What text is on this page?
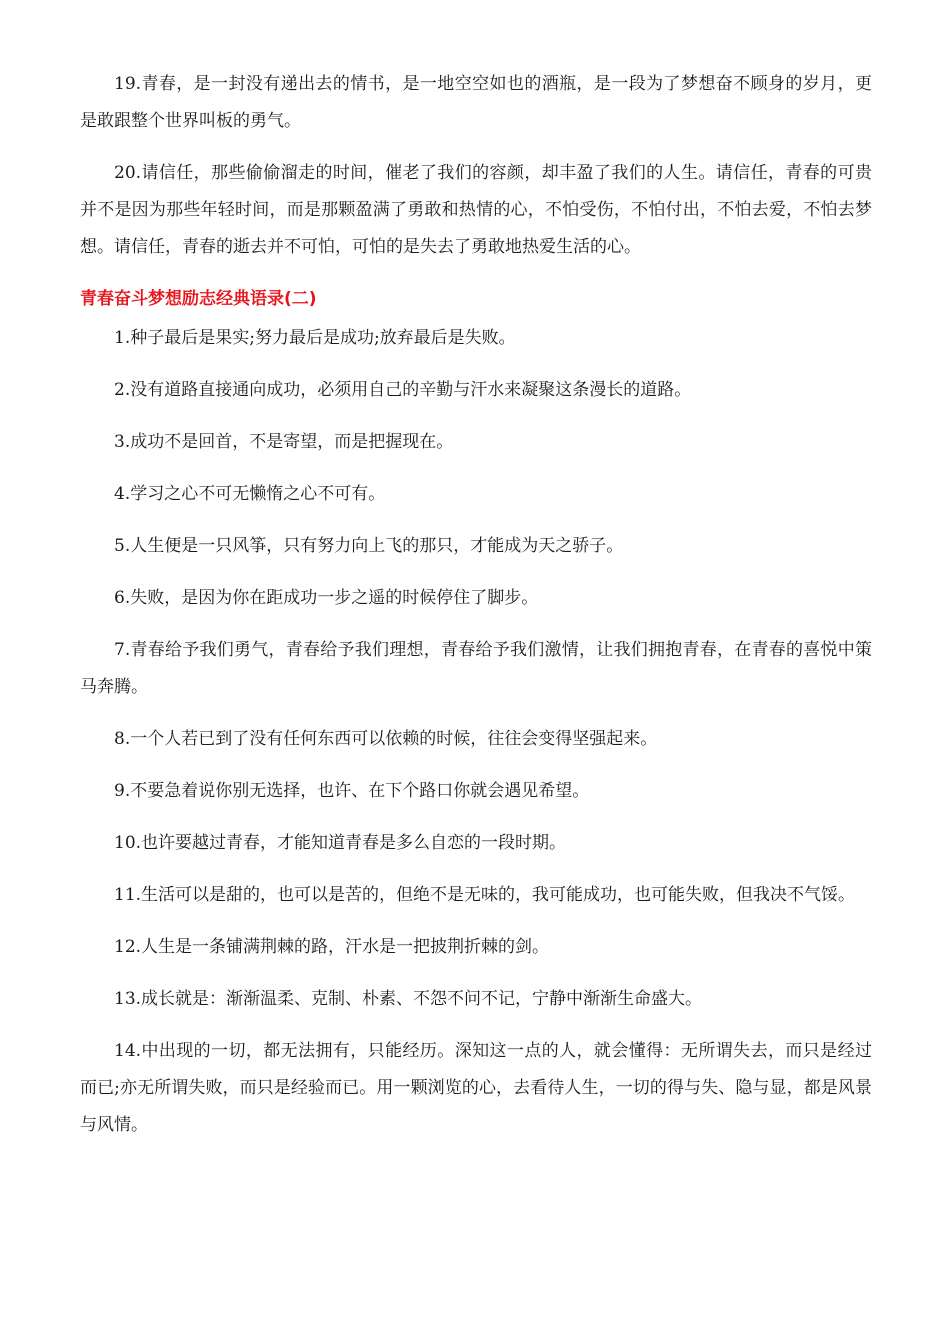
19.青春，是一封没有递出去的情书，是一地空空如也的酒瓶，是一段为了梦想奋不顾身的岁月，更是敢跟整个世界叫板的勇气。

20.请信任，那些偷偷溜走的时间，催老了我们的容颜，却丰盈了我们的人生。请信任，青春的可贵并不是因为那些年轻时间，而是那颗盈满了勇敢和热情的心，不怕受伤，不怕付出，不怕去爱，不怕去梦想。请信任，青春的逝去并不可怕，可怕的是失去了勇敢地热爱生活的心。

青春奋斗梦想励志经典语录(二)

1.种子最后是果实;努力最后是成功;放弃最后是失败。

2.没有道路直接通向成功，必须用自己的辛勤与汗水来凝聚这条漫长的道路。

3.成功不是回首，不是寄望，而是把握现在。

4.学习之心不可无懒惰之心不可有。

5.人生便是一只风筝，只有努力向上飞的那只，才能成为天之骄子。

6.失败，是因为你在距成功一步之遥的时候停住了脚步。

7.青春给予我们勇气，青春给予我们理想，青春给予我们激情，让我们拥抱青春，在青春的喜悦中策马奔腾。

8.一个人若已到了没有任何东西可以依赖的时候，往往会变得坚强起来。

9.不要急着说你别无选择，也许、在下个路口你就会遇见希望。

10.也许要越过青春，才能知道青春是多么自恋的一段时期。

11.生活可以是甜的，也可以是苦的，但绝不是无味的，我可能成功，也可能失败，但我决不气馁。

12.人生是一条铺满荆棘的路，汗水是一把披荆折棘的剑。

13.成长就是：渐渐温柔、克制、朴素、不怨不问不记，宁静中渐渐生命盛大。

14.中出现的一切，都无法拥有，只能经历。深知这一点的人，就会懂得：无所谓失去，而只是经过而已;亦无所谓失败，而只是经验而已。用一颗浏览的心，去看待人生，一切的得与失、隐与显，都是风景与风情。
